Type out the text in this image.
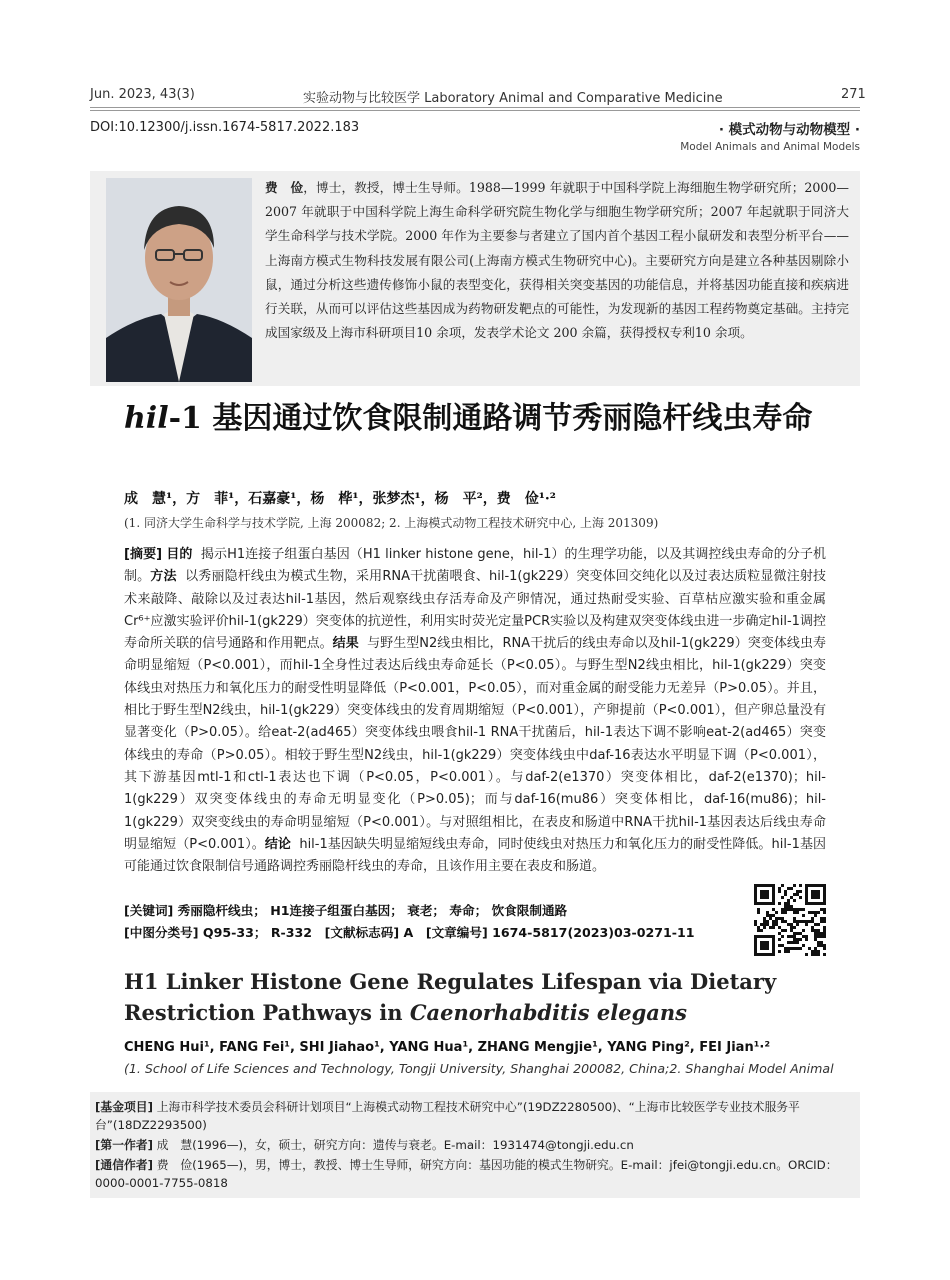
Jun. 2023, 43(3)	实验动物与比较医学 Laboratory Animal and Comparative Medicine	271
DOI:10.12300/j.issn.1674-5817.2022.183	· 模式动物与动物模型 ·
Model Animals and Animal Models
费　俭，博士，教授，博士生导师。1988—1999 年就职于中国科学院上海细胞生物学研究所；2000—2007 年就职于中国科学院上海生命科学研究院生物化学与细胞生物学研究所；2007 年起就职于同济大学生命科学与技术学院。2000 年作为主要参与者建立了国内首个基因工程小鼠研发和表型分析平台——上海南方模式生物科技发展有限公司(上海南方模式生物研究中心)。主要研究方向是建立各种基因剔除小鼠，通过分析这些遗传修饰小鼠的表型变化，获得相关突变基因的功能信息，并将基因功能直接和疾病进行关联，从而可以评估这些基因成为药物研发靶点的可能性，为发现新的基因工程药物奠定基础。主持完成国家级及上海市科研项目10 余项，发表学术论文 200 余篇，获得授权专利10 余项。
hil-1 基因通过饮食限制通路调节秀丽隐杆线虫寿命
成　慧¹，方　菲¹，石嘉豪¹，杨　桦¹，张梦杰¹，杨　平²，费　俭¹·²
(1. 同济大学生命科学与技术学院, 上海 200082; 2. 上海模式动物工程技术研究中心, 上海 201309)
[摘要] 目的 揭示H1连接子组蛋白基因（H1 linker histone gene，hil-1）的生理学功能，以及其调控线虫寿命的分子机制。方法 以秀丽隐杆线虫为模式生物，采用RNA干扰菌喂食、hil-1(gk229）突变体回交纯化以及过表达质粒显微注射技术来敲降、敲除以及过表达hil-1基因，然后观察线虫存活寿命及产卵情况，通过热耐受实验、百草枯应激实验和重金属Cr⁶⁺应激实验评价hil-1(gk229）突变体的抗逆性，利用实时荧光定量PCR实验以及构建双突变体线虫进一步确定hil-1调控寿命所关联的信号通路和作用靶点。结果 与野生型N2线虫相比，RNA干扰后的线虫寿命以及hil-1(gk229）突变体线虫寿命明显缩短（P<0.001），而hil-1全身性过表达后线虫寿命延长（P<0.05）。与野生型N2线虫相比，hil-1(gk229）突变体线虫对热压力和氧化压力的耐受性明显降低（P<0.001，P<0.05），而对重金属的耐受能力无差异（P>0.05）。并且，相比于野生型N2线虫，hil-1(gk229）突变体线虫的发育周期缩短（P<0.001），产卵提前（P<0.001），但产卵总量没有显著变化（P>0.05）。给eat-2(ad465）突变体线虫喂食hil-1 RNA干扰菌后，hil-1表达下调不影响eat-2(ad465）突变体线虫的寿命（P>0.05）。相较于野生型N2线虫，hil-1(gk229）突变体线虫中daf-16表达水平明显下调（P<0.001），其下游基因mtl-1和ctl-1表达也下调（P<0.05，P<0.001）。与daf-2(e1370）突变体相比，daf-2(e1370)；hil-1(gk229）双突变体线虫的寿命无明显变化（P>0.05)；而与daf-16(mu86）突变体相比，daf-16(mu86)；hil-1(gk229）双突变线虫的寿命明显缩短（P<0.001）。与对照组相比，在表皮和肠道中RNA干扰hil-1基因表达后线虫寿命明显缩短（P<0.001）。结论 hil-1基因缺失明显缩短线虫寿命，同时使线虫对热压力和氧化压力的耐受性降低。hil-1基因可能通过饮食限制信号通路调控秀丽隐杆线虫的寿命，且该作用主要在表皮和肠道。
[关键词] 秀丽隐杆线虫； H1连接子组蛋白基因； 衰老； 寿命； 饮食限制通路
[中图分类号] Q95-33； R-332　[文献标志码] A　[文章编号] 1674-5817(2023)03-0271-11
H1 Linker Histone Gene Regulates Lifespan via Dietary Restriction Pathways in Caenorhabditis elegans
CHENG Hui¹, FANG Fei¹, SHI Jiahao¹, YANG Hua¹, ZHANG Mengjie¹, YANG Ping², FEI Jian¹·²
(1. School of Life Sciences and Technology, Tongji University, Shanghai 200082, China;2. Shanghai Model Animal
[基金项目] 上海市科学技术委员会科研计划项目“上海模式动物工程技术研究中心”(19DZ2280500)、“上海市比较医学专业技术服务平台”(18DZ2293500)
[第一作者] 成　慧(1996—)，女，硕士，研究方向：遗传与衰老。E-mail：1931474@tongji.edu.cn
[通信作者] 费　俭(1965—)，男，博士，教授、博士生导师，研究方向：基因功能的模式生物研究。E-mail：jfei@tongji.edu.cn。ORCID：0000-0001-7755-0818
